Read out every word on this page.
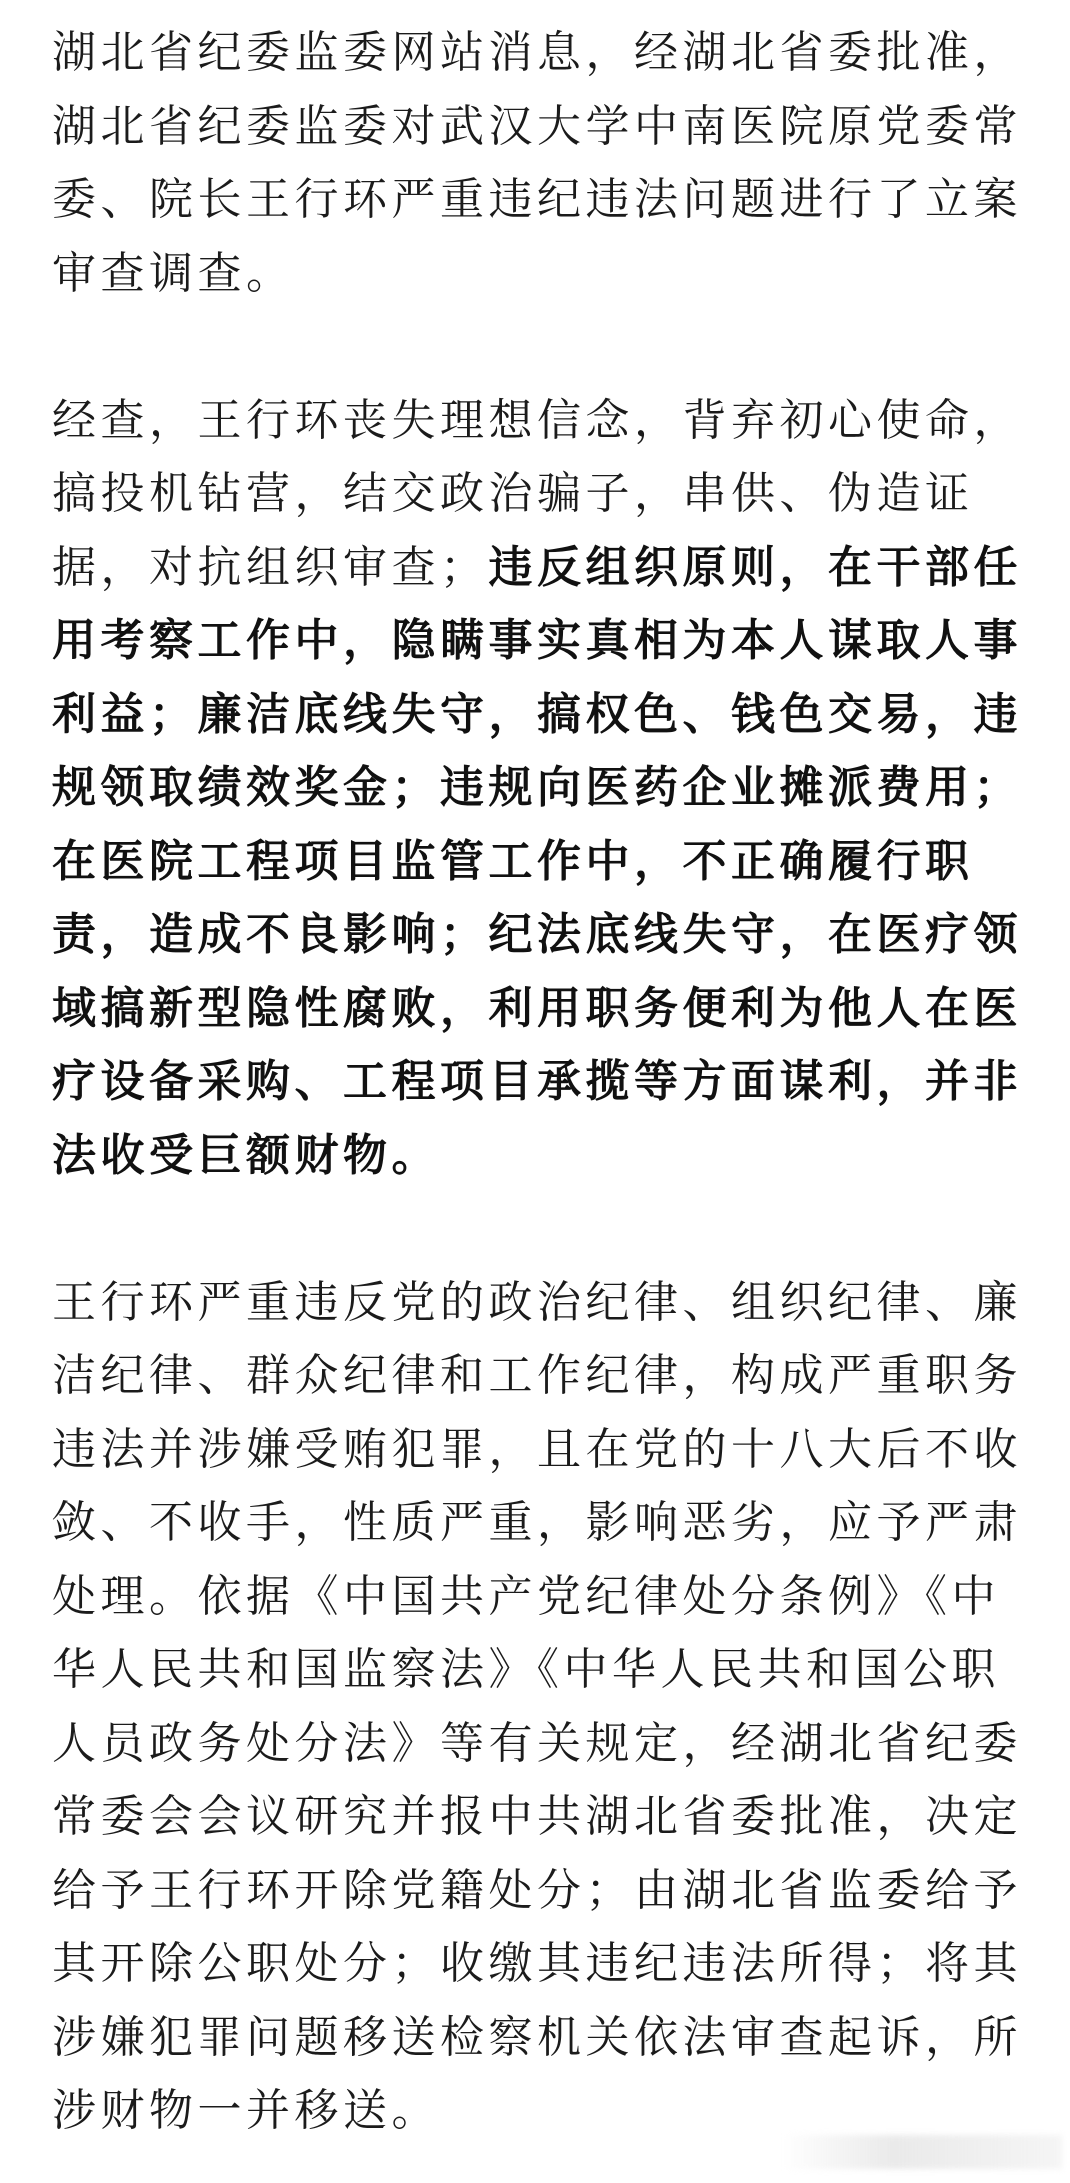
湖北省纪委监委网站消息，经湖北省委批准，
湖北省纪委监委对武汉大学中南医院原党委常
委、院长王行环严重违纪违法问题进行了立案
审查调查。
经查，王行环丧失理想信念，背弃初心使命，
搞投机钻营，结交政治骗子，串供、伪造证
据，对抗组织审查；违反组织原则，在干部任
用考察工作中，隐瞒事实真相为本人谋取人事
利益；廉洁底线失守，搞权色、钱色交易，违
规领取绩效奖金；违规向医药企业摊派费用；
在医院工程项目监管工作中，不正确履行职
责，造成不良影响；纪法底线失守，在医疗领
域搞新型隐性腐败，利用职务便利为他人在医
疗设备采购、工程项目承揽等方面谋利，并非
法收受巨额财物。
王行环严重违反党的政治纪律、组织纪律、廉
洁纪律、群众纪律和工作纪律，构成严重职务
违法并涉嫌受贿犯罪，且在党的十八大后不收
敛、不收手，性质严重，影响恶劣，应予严肃
处理。依据《中国共产党纪律处分条例》《中
华人民共和国监察法》《中华人民共和国公职
人员政务处分法》等有关规定，经湖北省纪委
常委会会议研究并报中共湖北省委批准，决定
给予王行环开除党籍处分；由湖北省监委给予
其开除公职处分；收缴其违纪违法所得；将其
涉嫌犯罪问题移送检察机关依法审查起诉，所
涉财物一并移送。
